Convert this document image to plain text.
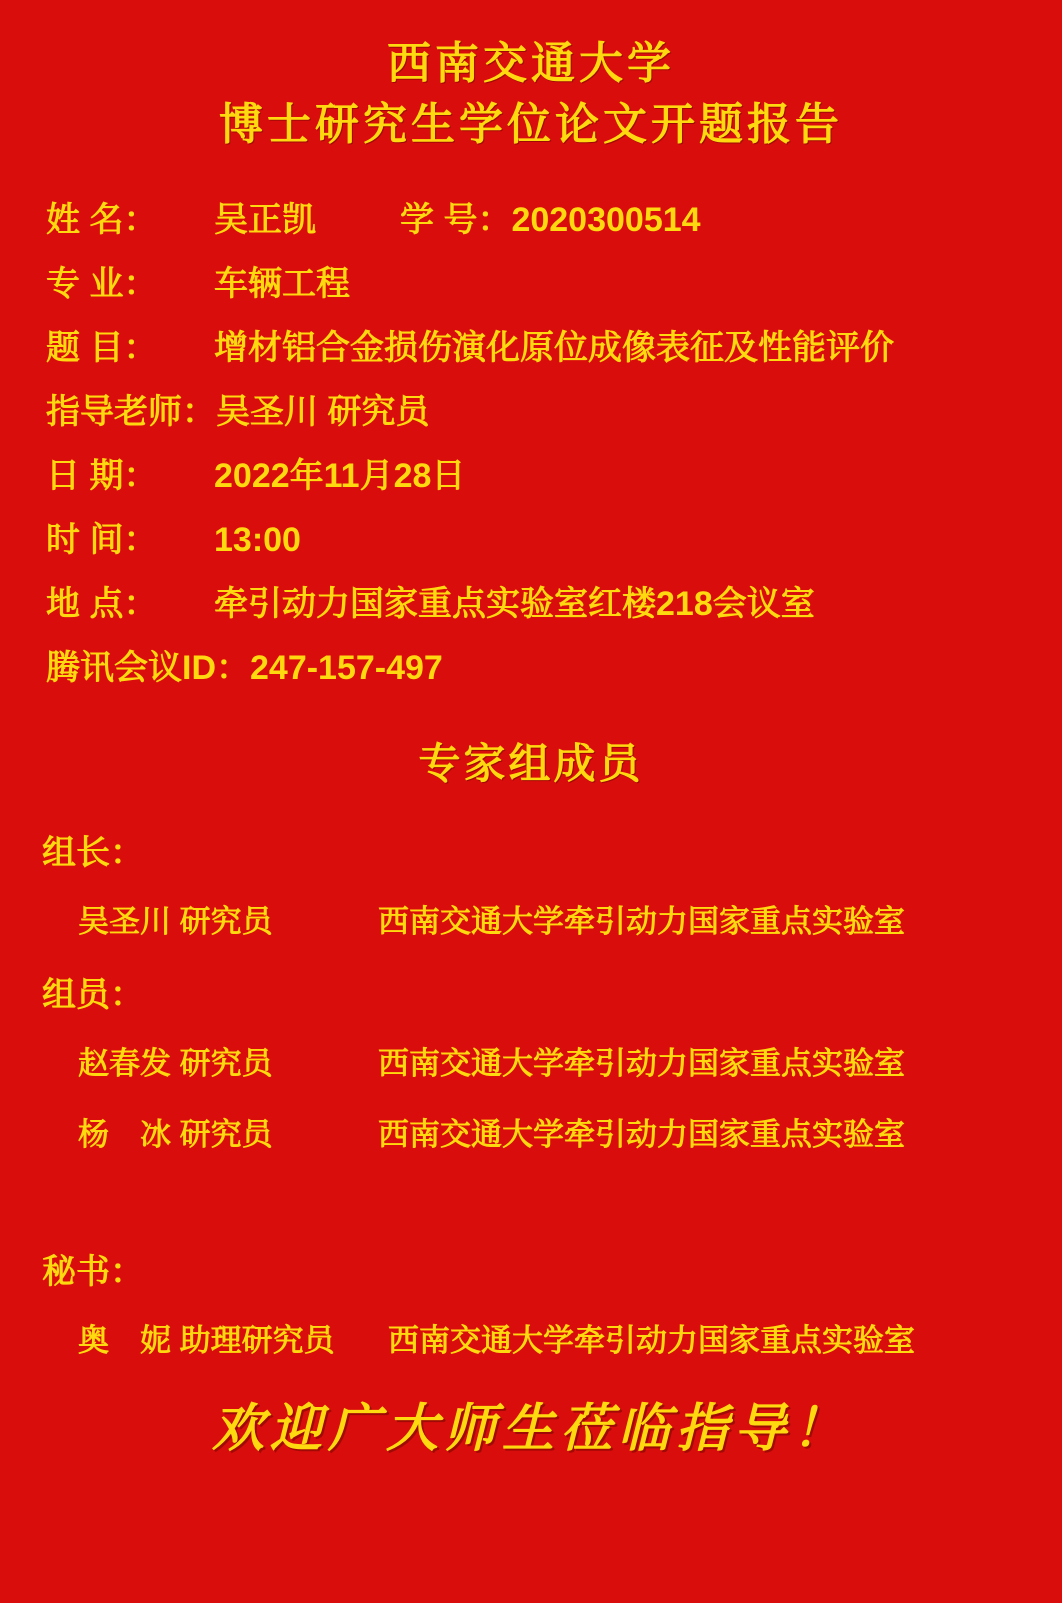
西南交通大学
博士研究生学位论文开题报告
姓 名：	吴正凯 学 号： 2020300514
专 业：	车辆工程
题 目：	增材铝合金损伤演化原位成像表征及性能评价
指导老师： 吴圣川 研究员
日 期：	2022年11月28日
时 间：	13:00
地 点：	牵引动力国家重点实验室红楼218会议室
腾讯会议ID： 247-157-497
专家组成员
组长：
吴圣川 研究员	西南交通大学牵引动力国家重点实验室
组员：
赵春发 研究员	西南交通大学牵引动力国家重点实验室
杨　冰 研究员	西南交通大学牵引动力国家重点实验室
秘书：
奥　妮 助理研究员	西南交通大学牵引动力国家重点实验室
欢迎广大师生莅临指导！
